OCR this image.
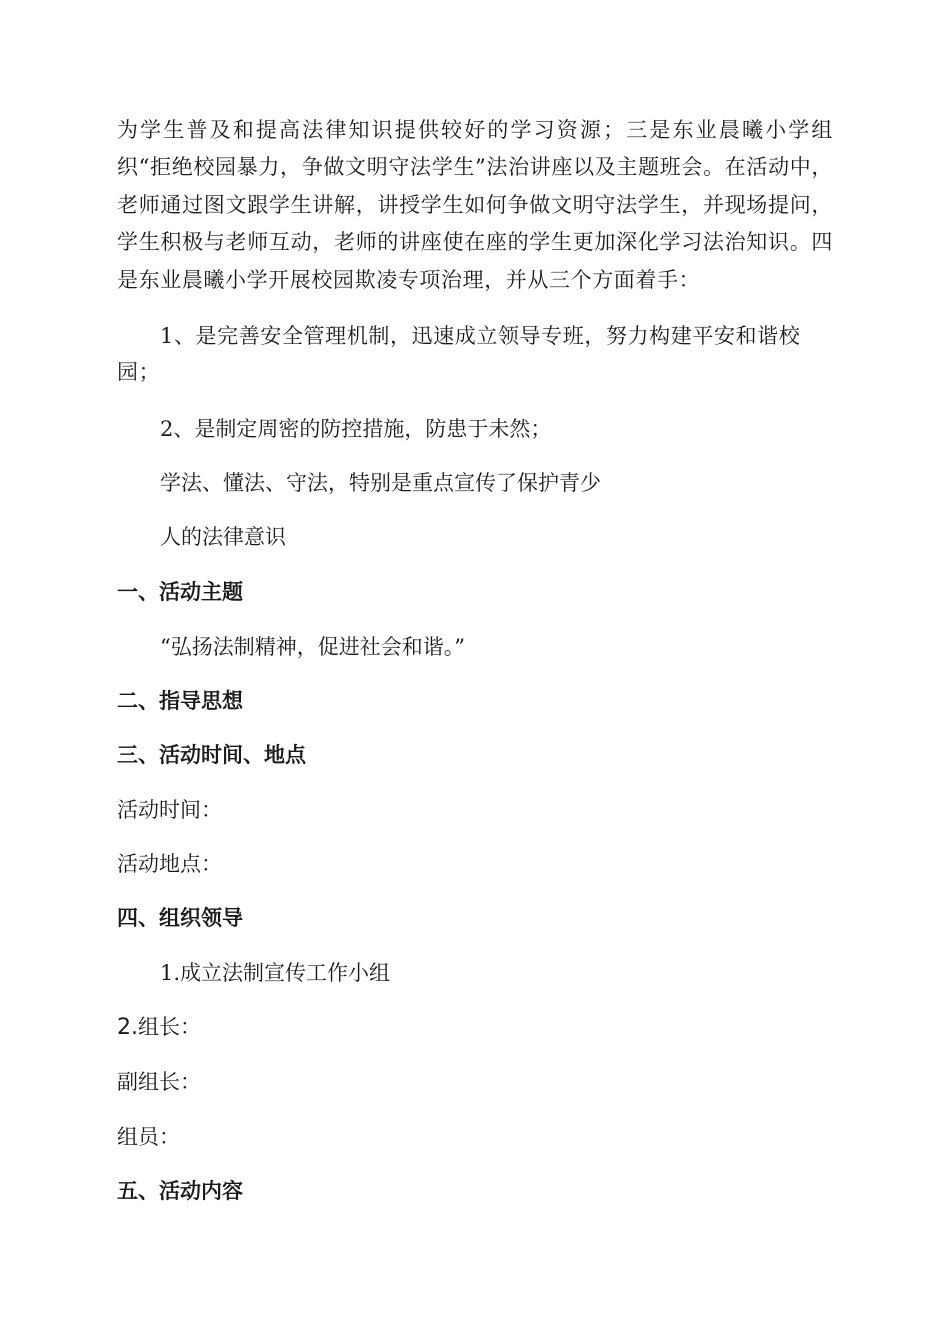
为学生普及和提高法律知识提供较好的学习资源；三是东业晨曦小学组织“拒绝校园暴力，争做文明守法学生”法治讲座以及主题班会。在活动中，老师通过图文跟学生讲解，讲授学生如何争做文明守法学生，并现场提问，学生积极与老师互动，老师的讲座使在座的学生更加深化学习法治知识。四是东业晨曦小学开展校园欺凌专项治理，并从三个方面着手：

1、是完善安全管理机制，迅速成立领导专班，努力构建平安和谐校园；

2、是制定周密的防控措施，防患于未然；

学法、懂法、守法，特别是重点宣传了保护青少

人的法律意识

一、活动主题

“弘扬法制精神，促进社会和谐。”

二、指导思想

三、活动时间、地点

活动时间：

活动地点：

四、组织领导

1.成立法制宣传工作小组

2.组长：

副组长：

组员：

五、活动内容
